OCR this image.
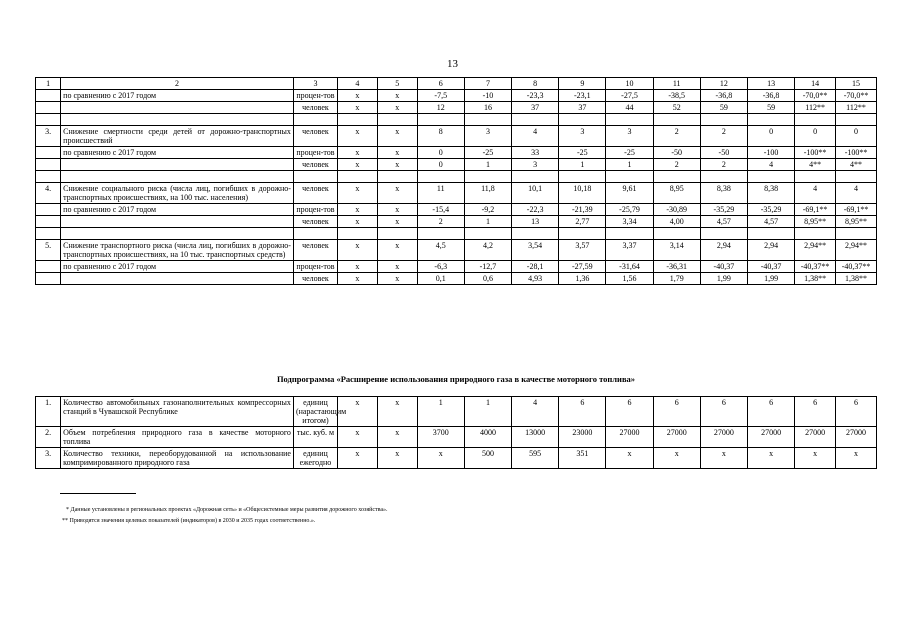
13
1	2	3	4	5	6	7	8	9	10	11	12	13	14	15
	по сравнению с 2017 годом	процен-тов	x	x	-7,5	-10	-23,3	-23,1	-27,5	-38,5	-36,8	-36,8	-70,0**	-70,0**
		человек	x	x	12	16	37	37	44	52	59	59	112**	112**

3.	Снижение смертности среди детей от дорожно-транспортных происшествий	человек	x	x	8	3	4	3	3	2	2	0	0	0
	по сравнению с 2017 годом	процен-тов	x	x	0	-25	33	-25	-25	-50	-50	-100	-100**	-100**
		человек	x	x	0	1	3	1	1	2	2	4	4**	4**

4.	Снижение социального риска (числа лиц, погибших в дорожно-транспортных происшествиях, на 100 тыс. населения)	человек	x	x	11	11,8	10,1	10,18	9,61	8,95	8,38	8,38	4	4
	по сравнению с 2017 годом	процен-тов	x	x	-15,4	-9,2	-22,3	-21,39	-25,79	-30,89	-35,29	-35,29	-69,1**	-69,1**
		человек	x	x	2	1	13	2,77	3,34	4,00	4,57	4,57	8,95**	8,95**

5.	Снижение транспортного риска (числа лиц, погибших в дорожно-транспортных происшествиях, на 10 тыс. транспортных средств)	человек	x	x	4,5	4,2	3,54	3,57	3,37	3,14	2,94	2,94	2,94**	2,94**
	по сравнению с 2017 годом	процен-тов	x	x	-6,3	-12,7	-28,1	-27,59	-31,64	-36,31	-40,37	-40,37	-40,37**	-40,37**
		человек	x	x	0,1	0,6	4,93	1,36	1,56	1,79	1,99	1,99	1,38**	1,38**
Подпрограмма «Расширение использования природного газа в качестве моторного топлива»
1.	Количество автомобильных газонаполнительных компрессорных станций в Чувашской Республике	единиц (нарастающим итогом)	x	x	1	1	4	6	6	6	6	6	6	6
2.	Объем потребления природного газа в качестве моторного топлива	тыс. куб. м	x	x	3700	4000	13000	23000	27000	27000	27000	27000	27000	27000
3.	Количество техники, переоборудованной на использование компримированного природного газа	единиц ежегодно	x	x	x	500	595	351	x	x	x	x	x	x
* Данные установлены в региональных проектах «Дорожная сеть» и «Общесистемные меры развития дорожного хозяйства».
** Приводятся значения целевых показателей (индикаторов) в 2030 и 2035 годах соответственно.».
